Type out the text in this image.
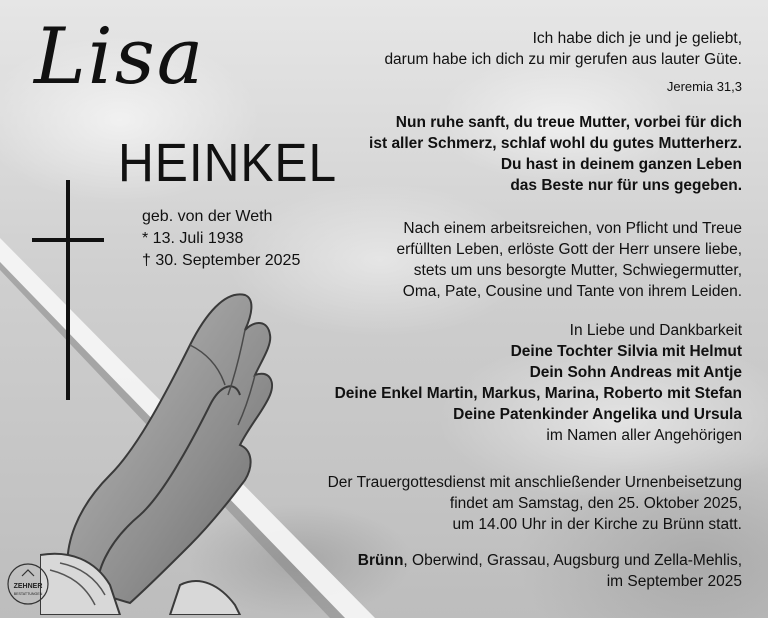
Lisa
HEINKEL
geb. von der Weth
* 13. Juli 1938
† 30. September 2025
Ich habe dich je und je geliebt,
darum habe ich dich zu mir gerufen aus lauter Güte.
Jeremia 31,3
Nun ruhe sanft, du treue Mutter, vorbei für dich
ist aller Schmerz, schlaf wohl du gutes Mutterherz.
Du hast in deinem ganzen Leben
das Beste nur für uns gegeben.
Nach einem arbeitsreichen, von Pflicht und Treue
erfüllten Leben, erlöste Gott der Herr unsere liebe,
stets um uns besorgte Mutter, Schwiegermutter,
Oma, Pate, Cousine und Tante von ihrem Leiden.
In Liebe und Dankbarkeit
Deine Tochter Silvia mit Helmut
Dein Sohn Andreas mit Antje
Deine Enkel Martin, Markus, Marina, Roberto mit Stefan
Deine Patenkinder Angelika und Ursula
im Namen aller Angehörigen
Der Trauergottesdienst mit anschließender Urnenbeisetzung
findet am Samstag, den 25. Oktober 2025,
um 14.00 Uhr in der Kirche zu Brünn statt.
Brünn, Oberwind, Grassau, Augsburg und Zella-Mehlis,
im September 2025
ZEHNER
BESTATTUNGEN
